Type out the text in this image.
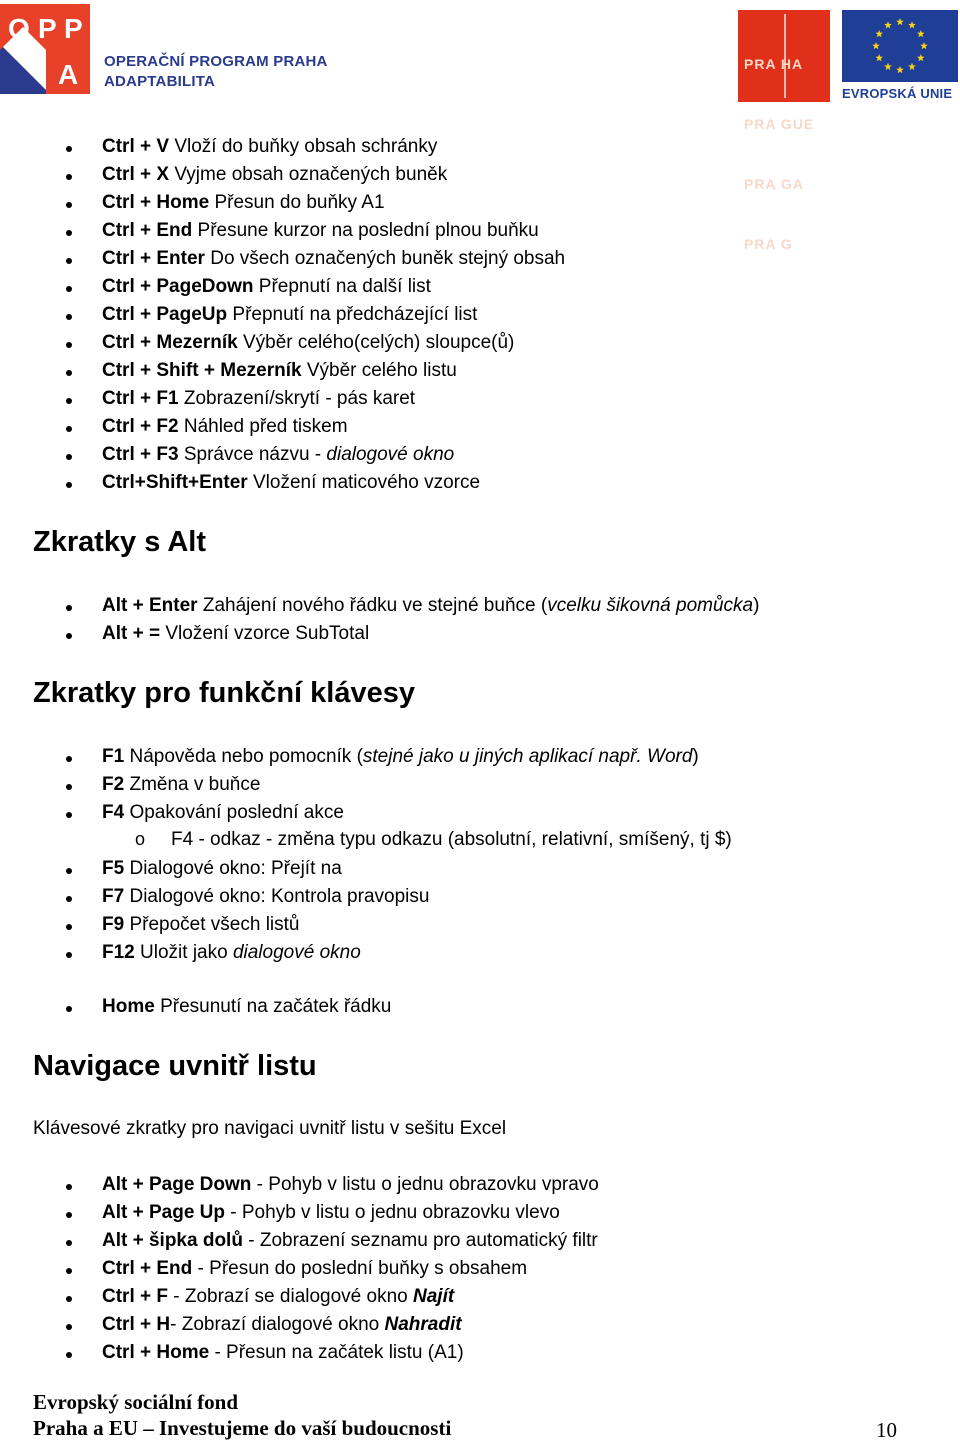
O P P
A OPERAČNÍ PROGRAM PRAHA
ADAPTABILITA

PRA HA

PRA GUE

PRA GA

PRA G

EVROPSKÁ UNIE
Ctrl + V Vloží do buňky obsah schránky
Ctrl + X Vyjme obsah označených buněk
Ctrl + Home Přesun do buňky A1
Ctrl + End Přesune kurzor na poslední plnou buňku
Ctrl + Enter Do všech označených buněk stejný obsah
Ctrl + PageDown Přepnutí na další list
Ctrl + PageUp Přepnutí na předcházející list
Ctrl + Mezerník Výběr celého(celých) sloupce(ů)
Ctrl + Shift + Mezerník Výběr celého listu
Ctrl + F1 Zobrazení/skrytí - pás karet
Ctrl + F2 Náhled před tiskem
Ctrl + F3 Správce názvu - dialogové okno
Ctrl+Shift+Enter Vložení maticového vzorce
Zkratky s Alt
Alt + Enter Zahájení nového řádku ve stejné buňce (vcelku šikovná pomůcka)
Alt + = Vložení vzorce SubTotal
Zkratky pro funkční klávesy
F1 Nápověda nebo pomocník (stejné jako u jiných aplikací např. Word)
F2 Změna v buňce
F4 Opakování poslední akce
F5 Dialogové okno: Přejít na
F7 Dialogové okno: Kontrola pravopisu
F9 Přepočet všech listů
F12 Uložit jako dialogové okno
o F4 - odkaz - změna typu odkazu (absolutní, relativní, smíšený, tj $)
Home Přesunutí na začátek řádku
Navigace uvnitř listu
Klávesové zkratky pro navigaci uvnitř listu v sešitu Excel
Alt + Page Down - Pohyb v listu o jednu obrazovku vpravo
Alt + Page Up - Pohyb v listu o jednu obrazovku vlevo
Alt + šipka dolů - Zobrazení seznamu pro automatický filtr
Ctrl + End - Přesun do poslední buňky s obsahem
Ctrl + F - Zobrazí se dialogové okno Najít
Ctrl + H- Zobrazí dialogové okno Nahradit
Ctrl + Home - Přesun na začátek listu (A1)
Evropský sociální fond
Praha a EU – Investujeme do vaší budoucnosti	10
